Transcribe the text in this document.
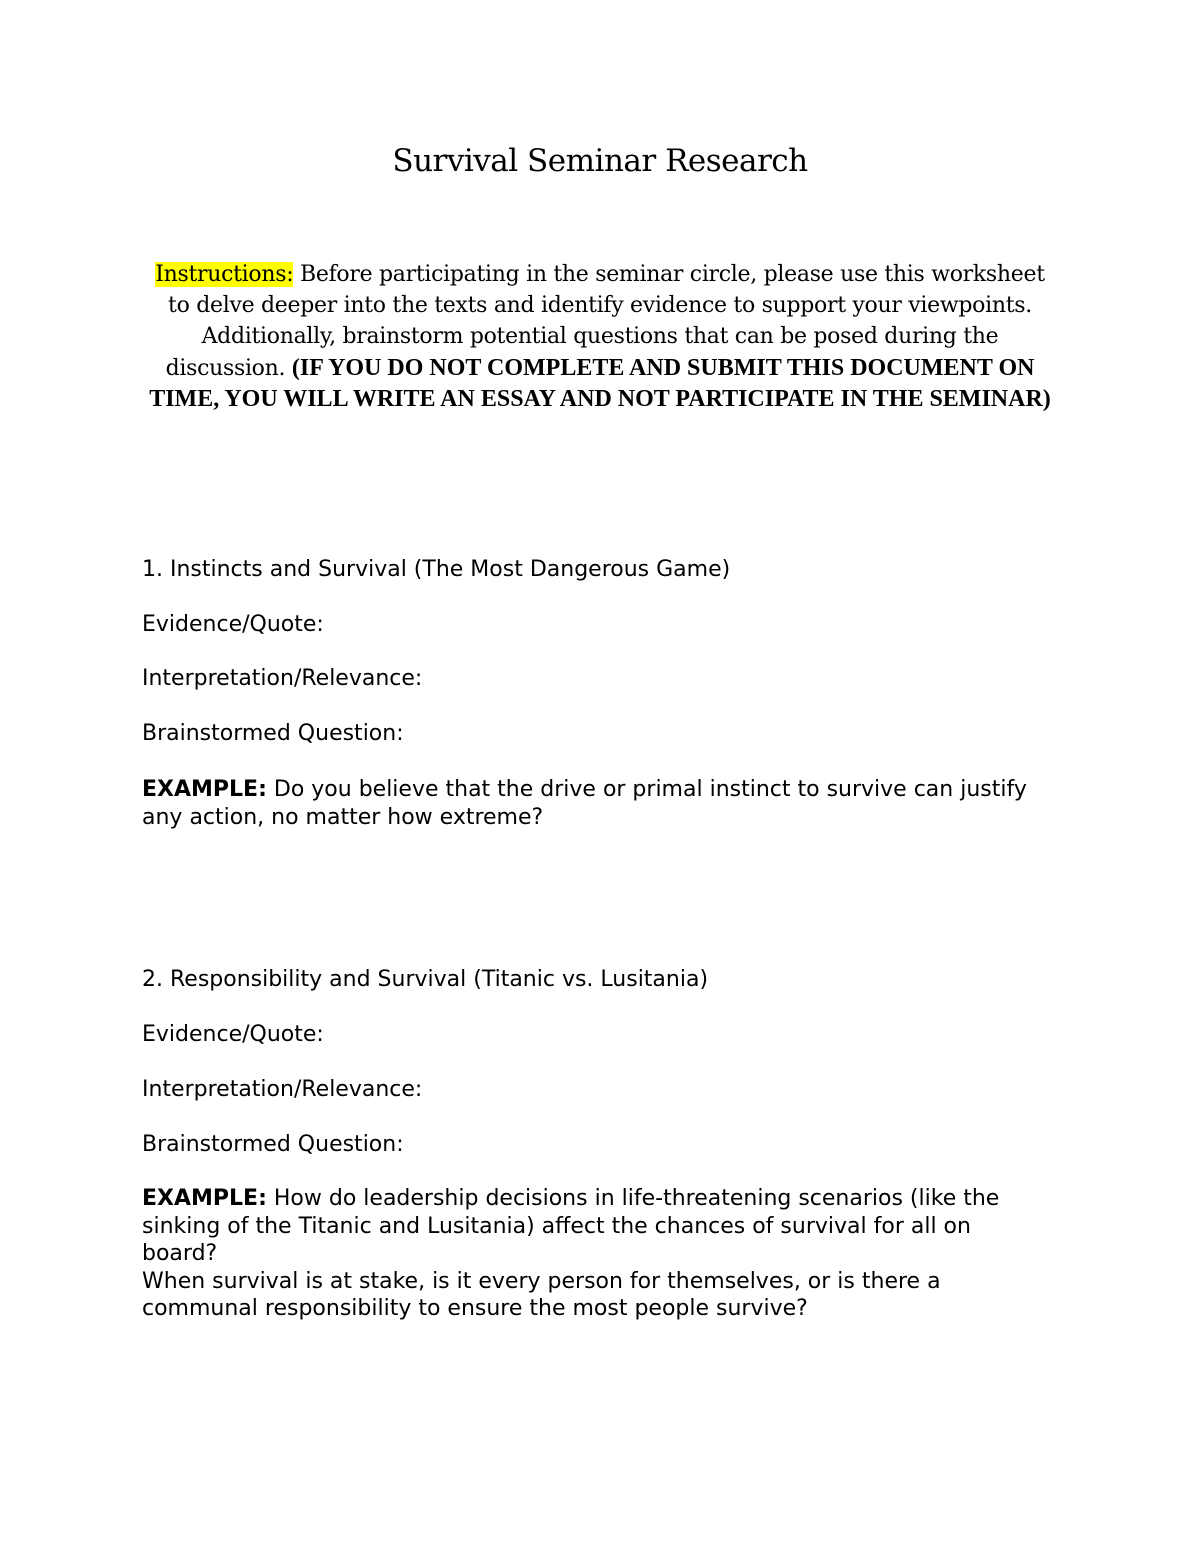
Survival Seminar Research

Instructions: Before participating in the seminar circle, please use this worksheet to delve deeper into the texts and identify evidence to support your viewpoints. Additionally, brainstorm potential questions that can be posed during the discussion. (IF YOU DO NOT COMPLETE AND SUBMIT THIS DOCUMENT ON TIME, YOU WILL WRITE AN ESSAY AND NOT PARTICIPATE IN THE SEMINAR)

1. Instincts and Survival (The Most Dangerous Game)

Evidence/Quote:

Interpretation/Relevance:

Brainstormed Question:

EXAMPLE: Do you believe that the drive or primal instinct to survive can justify any action, no matter how extreme?

2. Responsibility and Survival (Titanic vs. Lusitania)

Evidence/Quote:

Interpretation/Relevance:

Brainstormed Question:

EXAMPLE: How do leadership decisions in life-threatening scenarios (like the sinking of the Titanic and Lusitania) affect the chances of survival for all on board?
When survival is at stake, is it every person for themselves, or is there a communal responsibility to ensure the most people survive?
